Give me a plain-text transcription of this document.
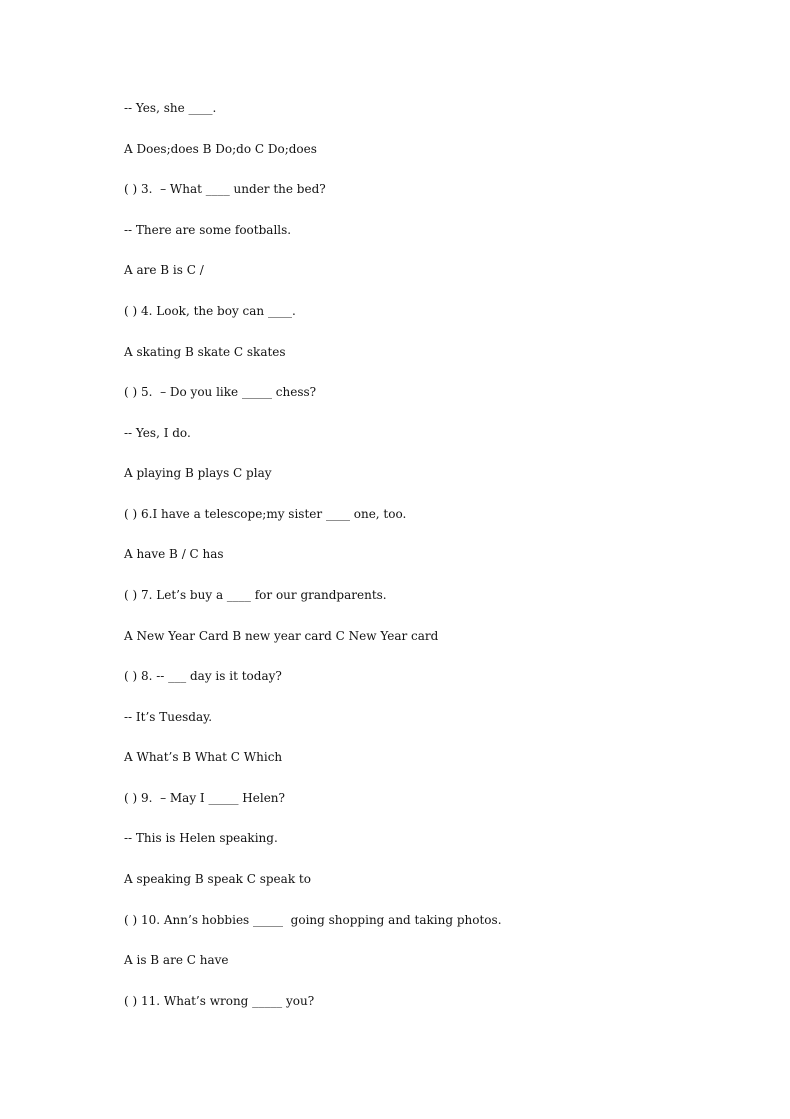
-- Yes, she ____.
A Does;does B Do;do C Do;does
( ) 3.  – What ____ under the bed?
-- There are some footballs.
A are B is C /
( ) 4. Look, the boy can ____.
A skating B skate C skates
( ) 5.  – Do you like _____ chess?
-- Yes, I do.
A playing B plays C play
( ) 6.I have a telescope;my sister ____ one, too.
A have B / C has
( ) 7. Let’s buy a ____ for our grandparents.
A New Year Card B new year card C New Year card
( ) 8. -- ___ day is it today?
-- It’s Tuesday.
A What’s B What C Which
( ) 9.  – May I _____ Helen?
-- This is Helen speaking.
A speaking B speak C speak to
( ) 10. Ann’s hobbies _____  going shopping and taking photos.
A is B are C have
( ) 11. What’s wrong _____ you?
